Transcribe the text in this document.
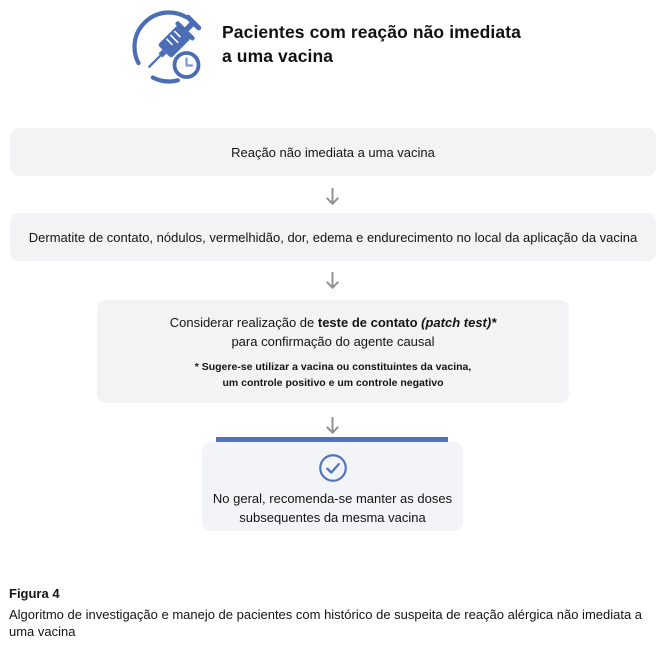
Pacientes com reação não imediata
a uma vacina
Reação não imediata a uma vacina
Dermatite de contato, nódulos, vermelhidão, dor, edema e endurecimento no local da aplicação da vacina
Considerar realização de teste de contato (patch test)*
para confirmação do agente causal
* Sugere-se utilizar a vacina ou constituintes da vacina,
um controle positivo e um controle negativo
No geral, recomenda-se manter as doses
subsequentes da mesma vacina
Figura 4
Algoritmo de investigação e manejo de pacientes com histórico de suspeita de reação alérgica não imediata a uma vacina
